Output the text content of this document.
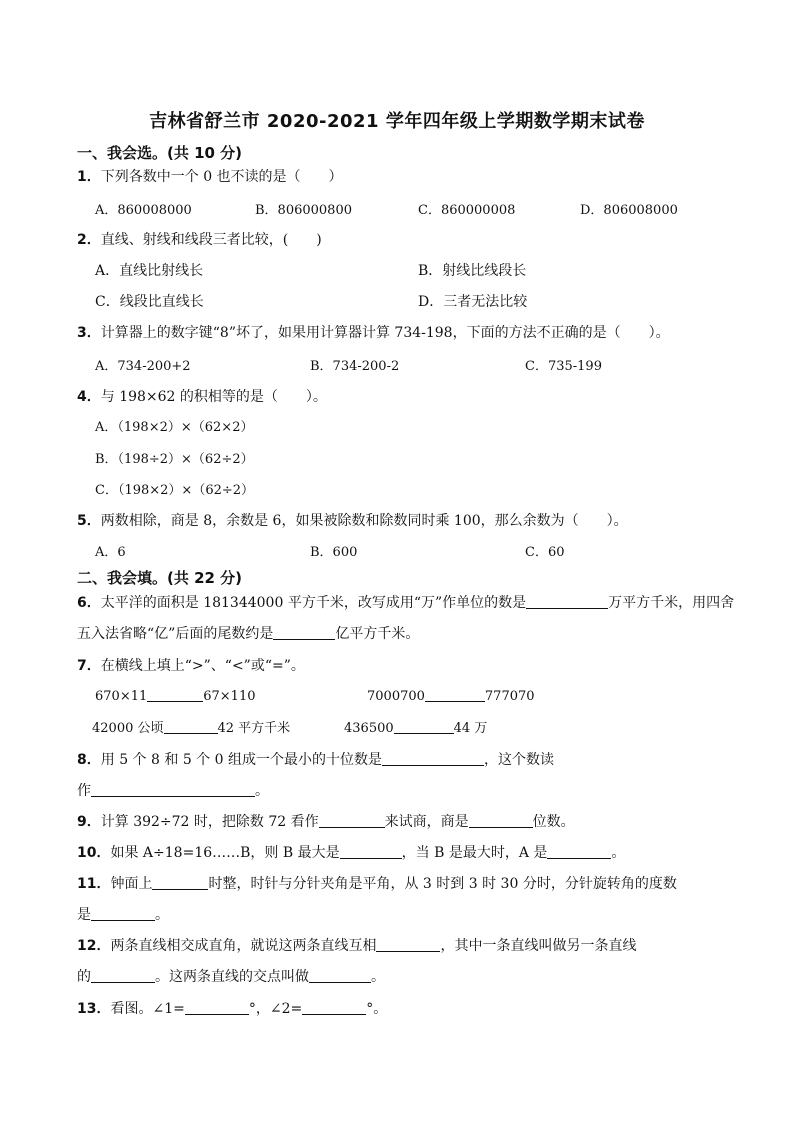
吉林省舒兰市 2020-2021 学年四年级上学期数学期末试卷
一、我会选。(共 10 分)
1．下列各数中一个 0 也不读的是（　　）
A．860008000	B．806000800	C．860000008	D．806008000
2．直线、射线和线段三者比较，(　　)
A．直线比射线长	B．射线比线段长
C．线段比直线长	D．三者无法比较
3．计算器上的数字键“8”坏了，如果用计算器计算 734-198，下面的方法不正确的是（　　）。
A．734-200+2	B．734-200-2	C．735-199
4．与 198×62 的积相等的是（　　）。
A．（198×2）×（62×2）
B．（198÷2）×（62÷2）
C．（198×2）×（62÷2）
5．两数相除，商是 8，余数是 6，如果被除数和除数同时乘 100，那么余数为（　　）。
A．6	B．600	C．60
二、我会填。(共 22 分)
6．太平洋的面积是 181344000 平方千米，改写成用“万”作单位的数是	万平方千米，用四舍
五入法省略“亿”后面的尾数约是	亿平方千米。
7．在横线上填上“>”、“<”或“=”。
670×11	67×110	7000700	777070
42000 公顷	42 平方千米	436500	44 万
8．用 5 个 8 和 5 个 0 组成一个最小的十位数是	，这个数读
作	。
9．计算 392÷72 时，把除数 72 看作	来试商，商是	位数。
10．如果 A÷18=16……B，则 B 最大是	，当 B 是最大时，A 是	。
11．钟面上	时整，时针与分针夹角是平角，从 3 时到 3 时 30 分时，分针旋转角的度数
是	。
12．两条直线相交成直角，就说这两条直线互相	，其中一条直线叫做另一条直线
的	。这两条直线的交点叫做	。
13．看图。∠1=	°，∠2=	°。
